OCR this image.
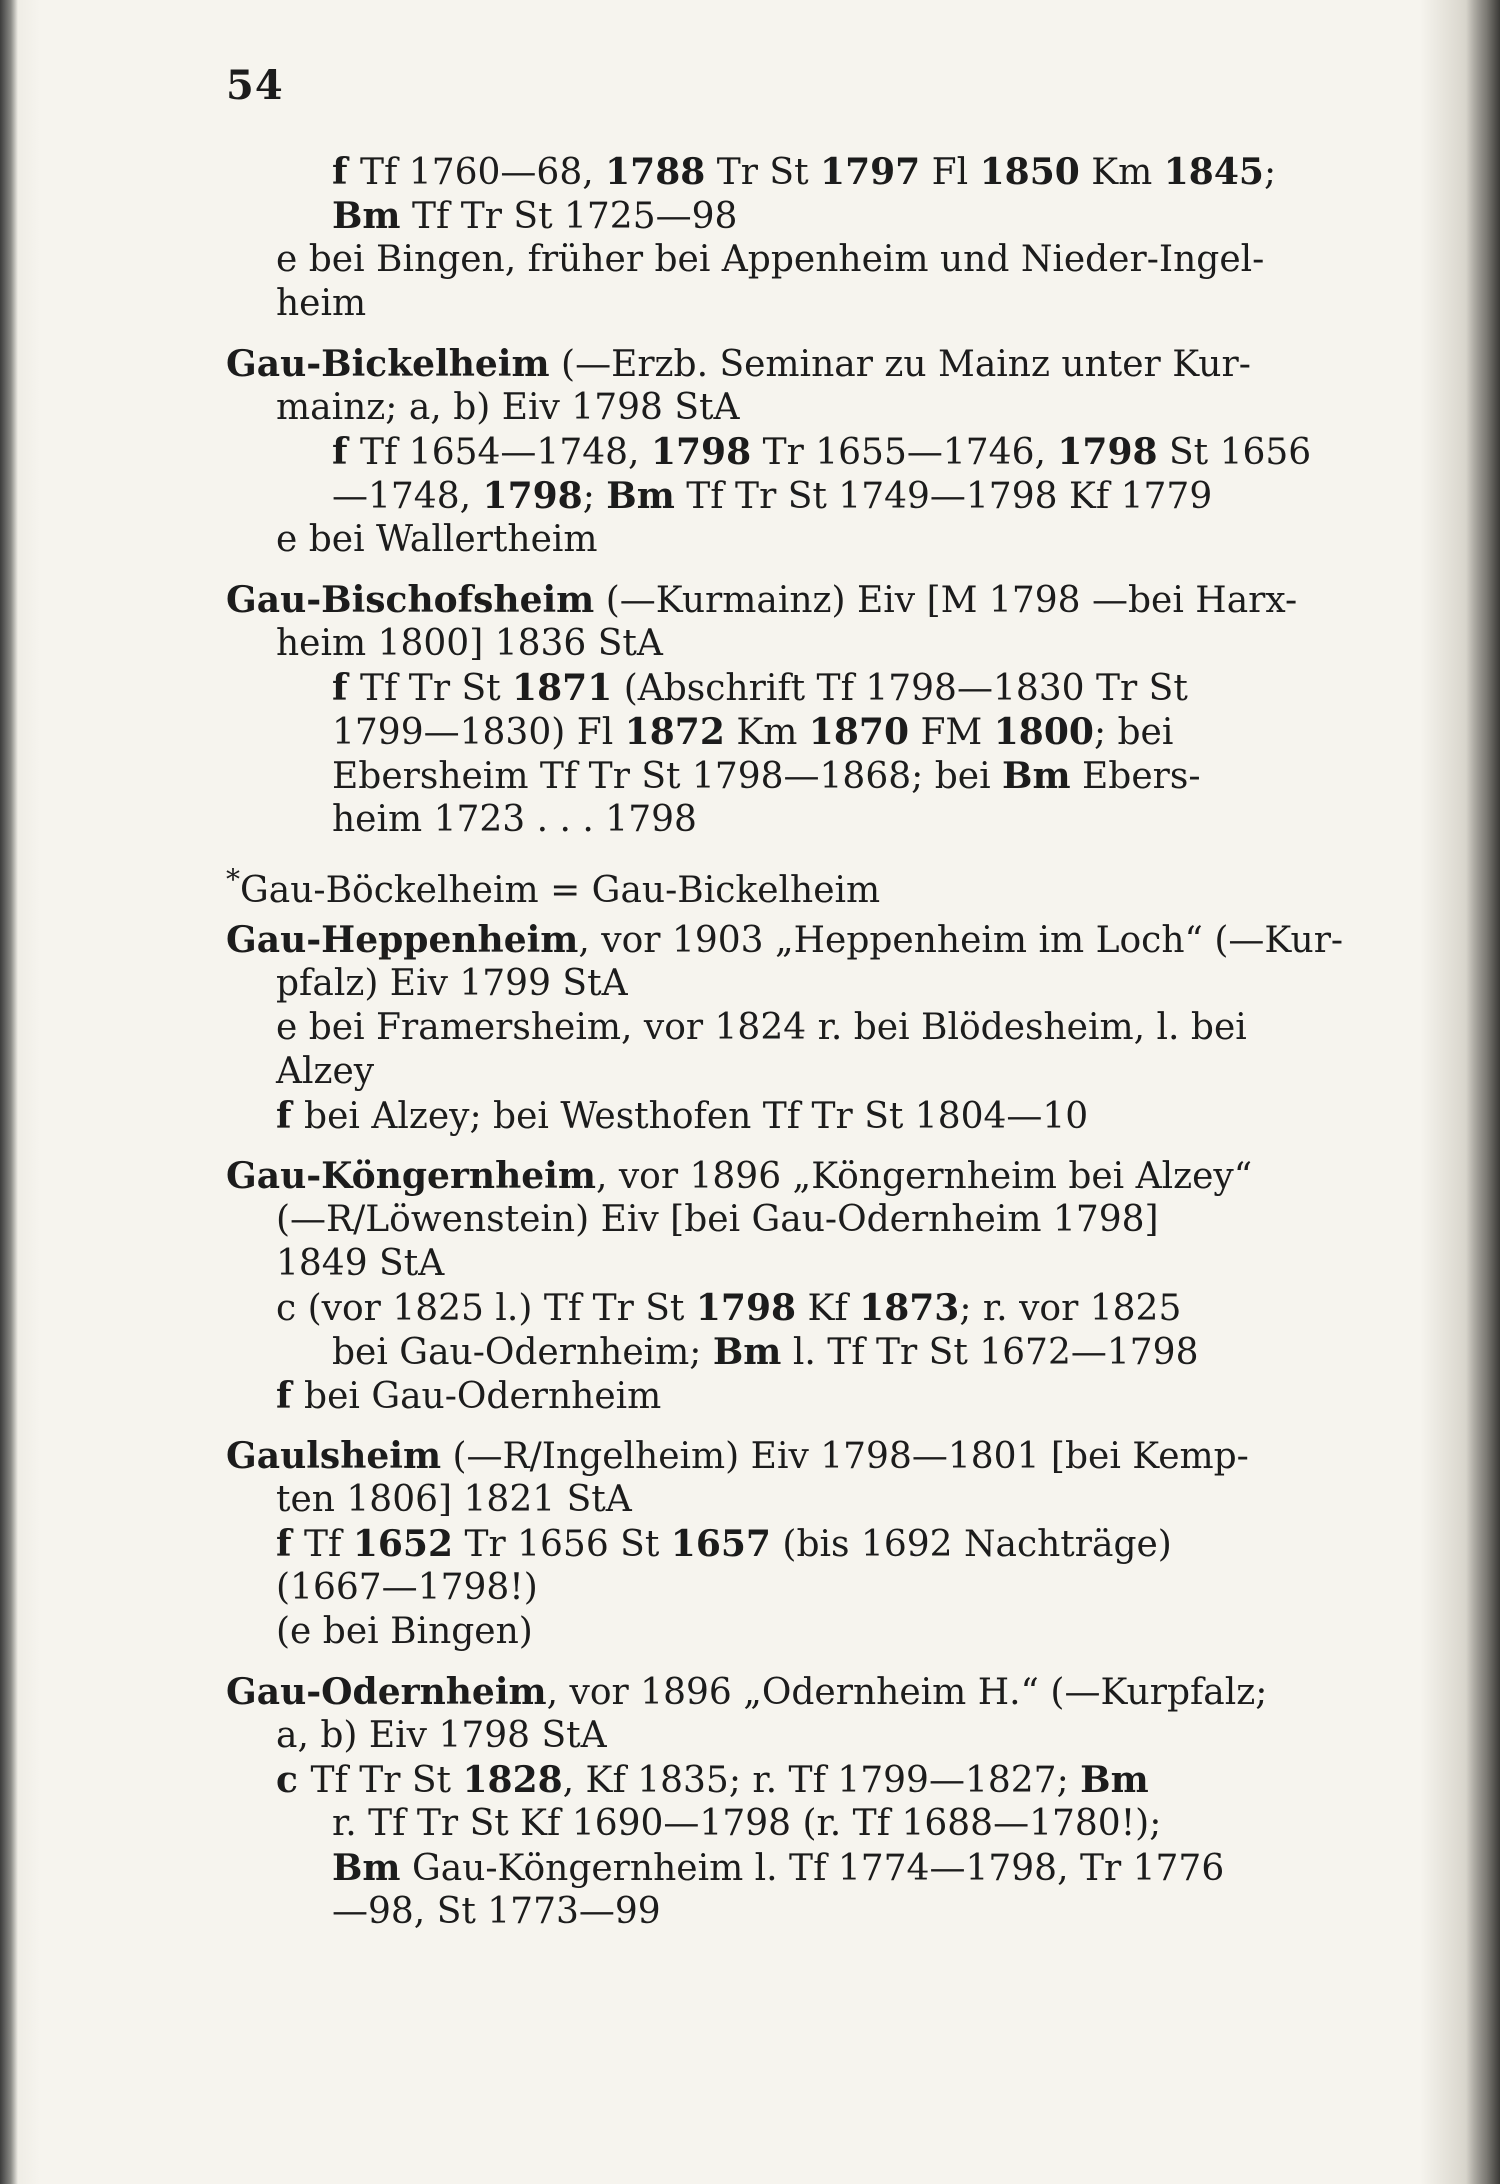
54
f Tf 1760—68, 1788 Tr St 1797 Fl 1850 Km 1845;
Bm Tf Tr St 1725—98
e bei Bingen, früher bei Appenheim und Nieder-Ingel-
heim
Gau-Bickelheim (—Erzb. Seminar zu Mainz unter Kur-
mainz; a, b) Eiv 1798 StA
f Tf 1654—1748, 1798 Tr 1655—1746, 1798 St 1656
—1748, 1798; Bm Tf Tr St 1749—1798 Kf 1779
e bei Wallertheim
Gau-Bischofsheim (—Kurmainz) Eiv [M 1798 —bei Harx-
heim 1800] 1836 StA
f Tf Tr St 1871 (Abschrift Tf 1798—1830 Tr St
1799—1830) Fl 1872 Km 1870 FM 1800; bei
Ebersheim Tf Tr St 1798—1868; bei Bm Ebers-
heim 1723 . . . 1798
*Gau-Böckelheim = Gau-Bickelheim
Gau-Heppenheim, vor 1903 „Heppenheim im Loch“ (—Kur-
pfalz) Eiv 1799 StA
e bei Framersheim, vor 1824 r. bei Blödesheim, l. bei
Alzey
f bei Alzey; bei Westhofen Tf Tr St 1804—10
Gau-Köngernheim, vor 1896 „Köngernheim bei Alzey“
(—R/Löwenstein) Eiv [bei Gau-Odernheim 1798]
1849 StA
c (vor 1825 l.) Tf Tr St 1798 Kf 1873; r. vor 1825
bei Gau-Odernheim; Bm l. Tf Tr St 1672—1798
f bei Gau-Odernheim
Gaulsheim (—R/Ingelheim) Eiv 1798—1801 [bei Kemp-
ten 1806] 1821 StA
f Tf 1652 Tr 1656 St 1657 (bis 1692 Nachträge)
(1667—1798!)
(e bei Bingen)
Gau-Odernheim, vor 1896 „Odernheim H.“ (—Kurpfalz;
a, b) Eiv 1798 StA
c Tf Tr St 1828, Kf 1835; r. Tf 1799—1827; Bm
r. Tf Tr St Kf 1690—1798 (r. Tf 1688—1780!);
Bm Gau-Köngernheim l. Tf 1774—1798, Tr 1776
—98, St 1773—99
